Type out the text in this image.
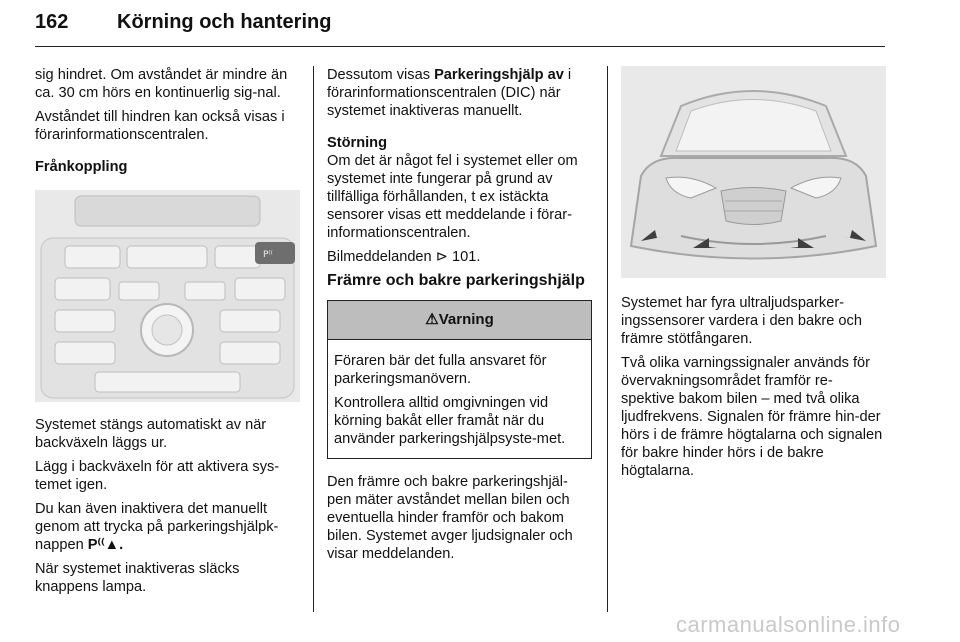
162 Körning och hantering

sig hindret. Om avståndet är mindre än ca. 30 cm hörs en kontinuerlig sig-nal.

Avståndet till hindren kan också visas i förarinformationscentralen.

Frånkoppling

P⁽⁽

Systemet stängs automatiskt av när backväxeln läggs ur.

Lägg i backväxeln för att aktivera sys-temet igen.

Du kan även inaktivera det manuellt genom att trycka på parkeringshjälpk-nappen P⁽⁽▲.

När systemet inaktiveras släcks knappens lampa.

Dessutom visas Parkeringshjälp av i förarinformationscentralen (DIC) när systemet inaktiveras manuellt.

Störning

Om det är något fel i systemet eller om systemet inte fungerar på grund av tillfälliga förhållanden, t ex istäckta sensorer visas ett meddelande i förar-informationscentralen.

Bilmeddelanden ⊳ 101.

Främre och bakre parkeringshjälp
⚠Varning

Föraren bär det fulla ansvaret för parkeringsmanövern.

Kontrollera alltid omgivningen vid körning bakåt eller framåt när du använder parkeringshjälpsyste-met.

Den främre och bakre parkeringshjäl-pen mäter avståndet mellan bilen och eventuella hinder framför och bakom bilen. Systemet avger ljudsignaler och visar meddelanden.

Systemet har fyra ultraljudsparker-ingssensorer vardera i den bakre och främre stötfångaren.

Två olika varningssignaler används för övervakningsområdet framför re-spektive bakom bilen – med två olika ljudfrekvens. Signalen för främre hin-der hörs i de främre högtalarna och signalen för bakre hinder hörs i de bakre högtalarna.

carmanualsonline.info
